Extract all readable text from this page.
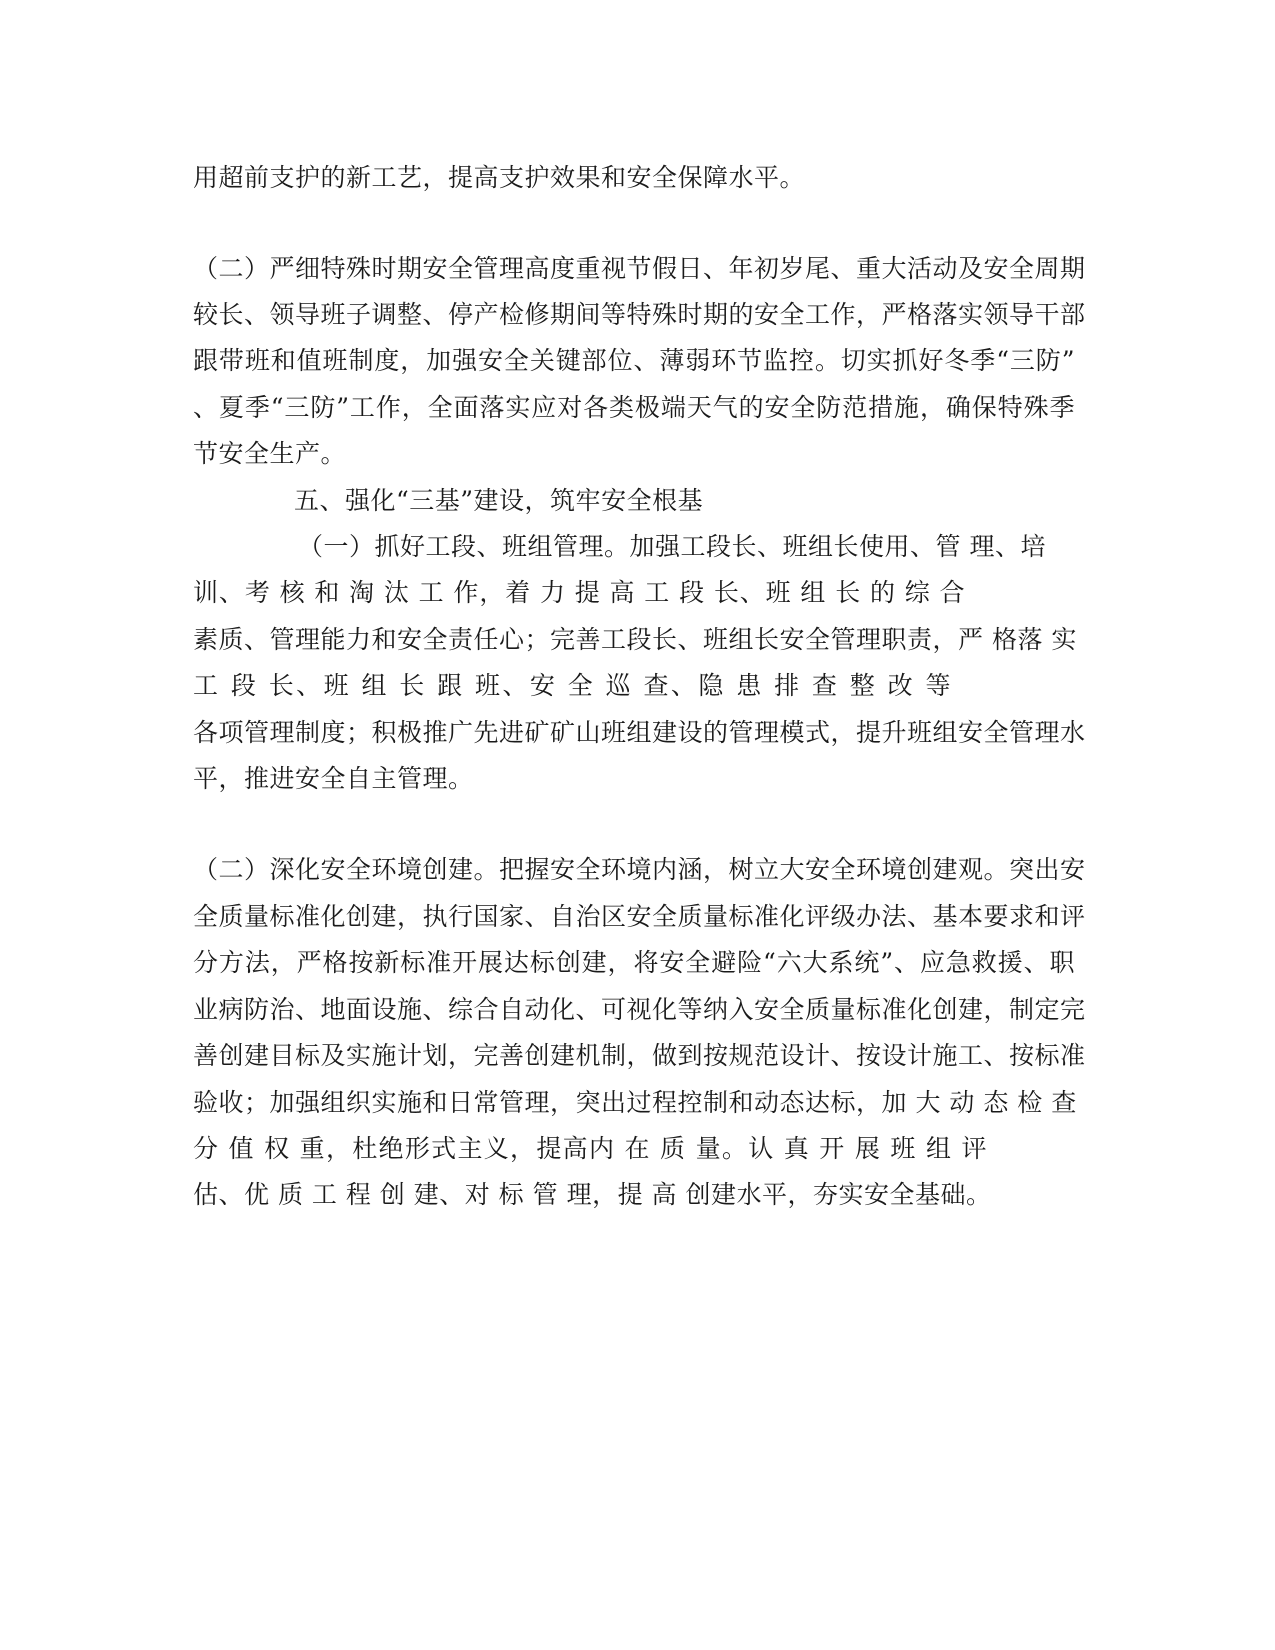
用超前支护的新工艺，提高支护效果和安全保障水平。
（二）严细特殊时期安全管理高度重视节假日、年初岁尾、重大活动及安全周期
较长、领导班子调整、停产检修期间等特殊时期的安全工作，严格落实领导干部
跟带班和值班制度，加强安全关键部位、薄弱环节监控。切实抓好冬季“三防”
、夏季“三防”工作，全面落实应对各类极端天气的安全防范措施，确保特殊季
节安全生产。
五、强化“三基”建设，筑牢安全根基
（一）抓好工段、班组管理。加强工段长、班组长使用、管 理、培
训、考 核 和 淘 汰 工 作，着 力 提 高 工 段 长、班 组 长 的 综 合
素质、管理能力和安全责任心；完善工段长、班组长安全管理职责，严 格落 实
工 段 长、班 组 长 跟 班、安 全 巡 查、隐 患 排 查 整 改 等
各项管理制度；积极推广先进矿矿山班组建设的管理模式，提升班组安全管理水
平，推进安全自主管理。
（二）深化安全环境创建。把握安全环境内涵，树立大安全环境创建观。突出安
全质量标准化创建，执行国家、自治区安全质量标准化评级办法、基本要求和评
分方法，严格按新标准开展达标创建，将安全避险“六大系统”、应急救援、职
业病防治、地面设施、综合自动化、可视化等纳入安全质量标准化创建，制定完
善创建目标及实施计划，完善创建机制，做到按规范设计、按设计施工、按标准
验收；加强组织实施和日常管理，突出过程控制和动态达标，加 大 动 态 检 查
分 值 权 重，杜绝形式主义，提高内 在 质 量。认 真 开 展 班 组 评
估、优 质 工 程 创 建、对 标 管 理，提 高 创建水平，夯实安全基础。
